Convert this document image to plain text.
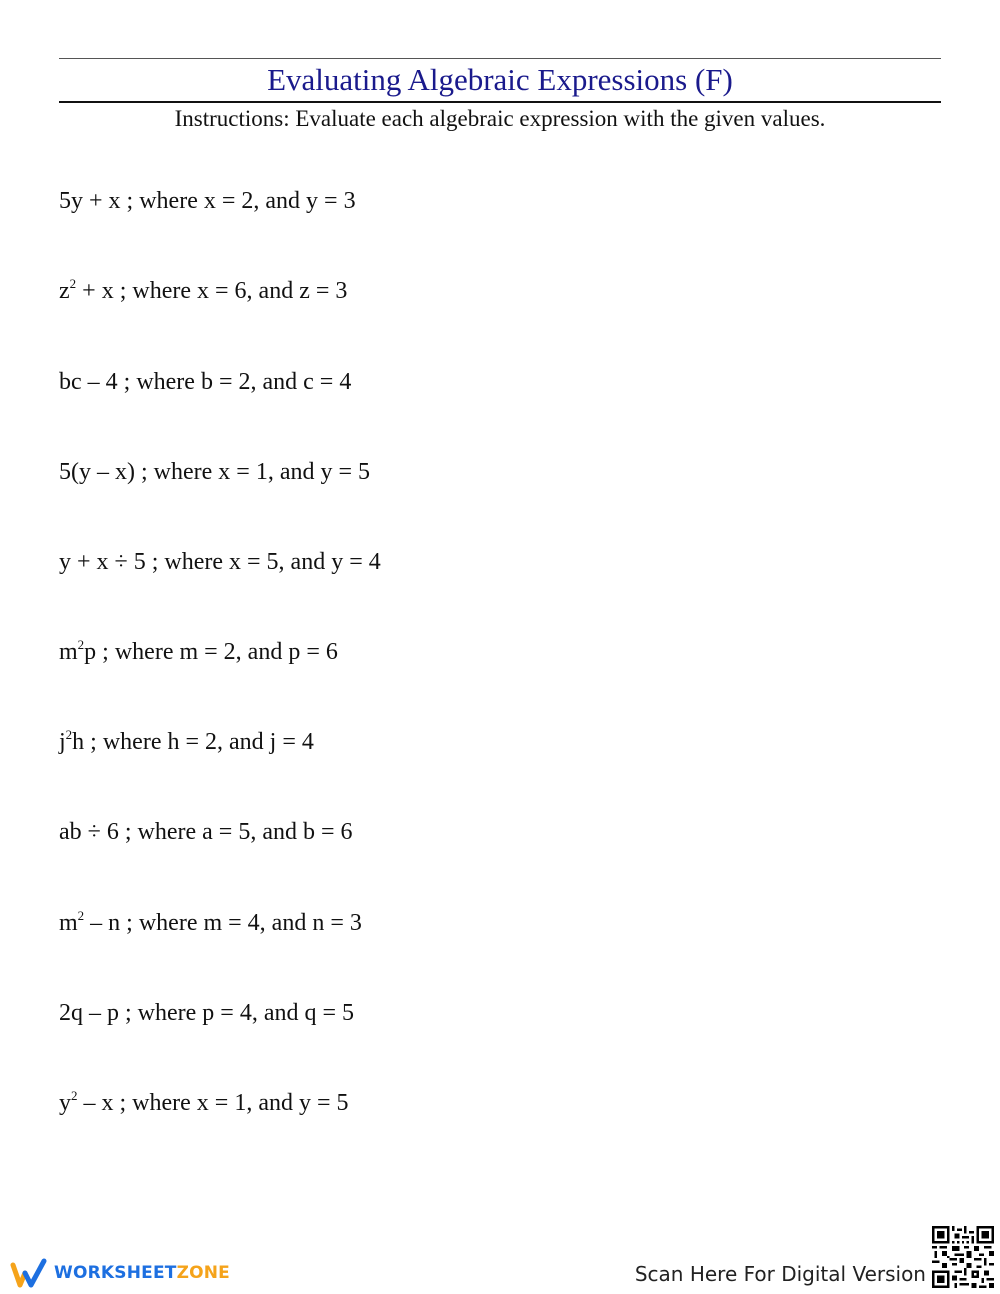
Evaluating Algebraic Expressions (F)
Instructions: Evaluate each algebraic expression with the given values.
5y + x ; where x = 2, and y = 3
$z^2 + x$ ; where x = 6, and z = 3
bc – 4 ; where b = 2, and c = 4
5(y – x) ; where x = 1, and y = 5
y + x ÷ 5 ; where x = 5, and y = 4
$m^2p$ ; where m = 2, and p = 6
$j^2h$ ; where h = 2, and j = 4
ab ÷ 6 ; where a = 5, and b = 6
$m^2$ – n ; where m = 4, and n = 3
2q – p ; where p = 4, and q = 5
$y^2$ – x ; where x = 1, and y = 5
WORKSHEETZONE	Scan Here For Digital Version
